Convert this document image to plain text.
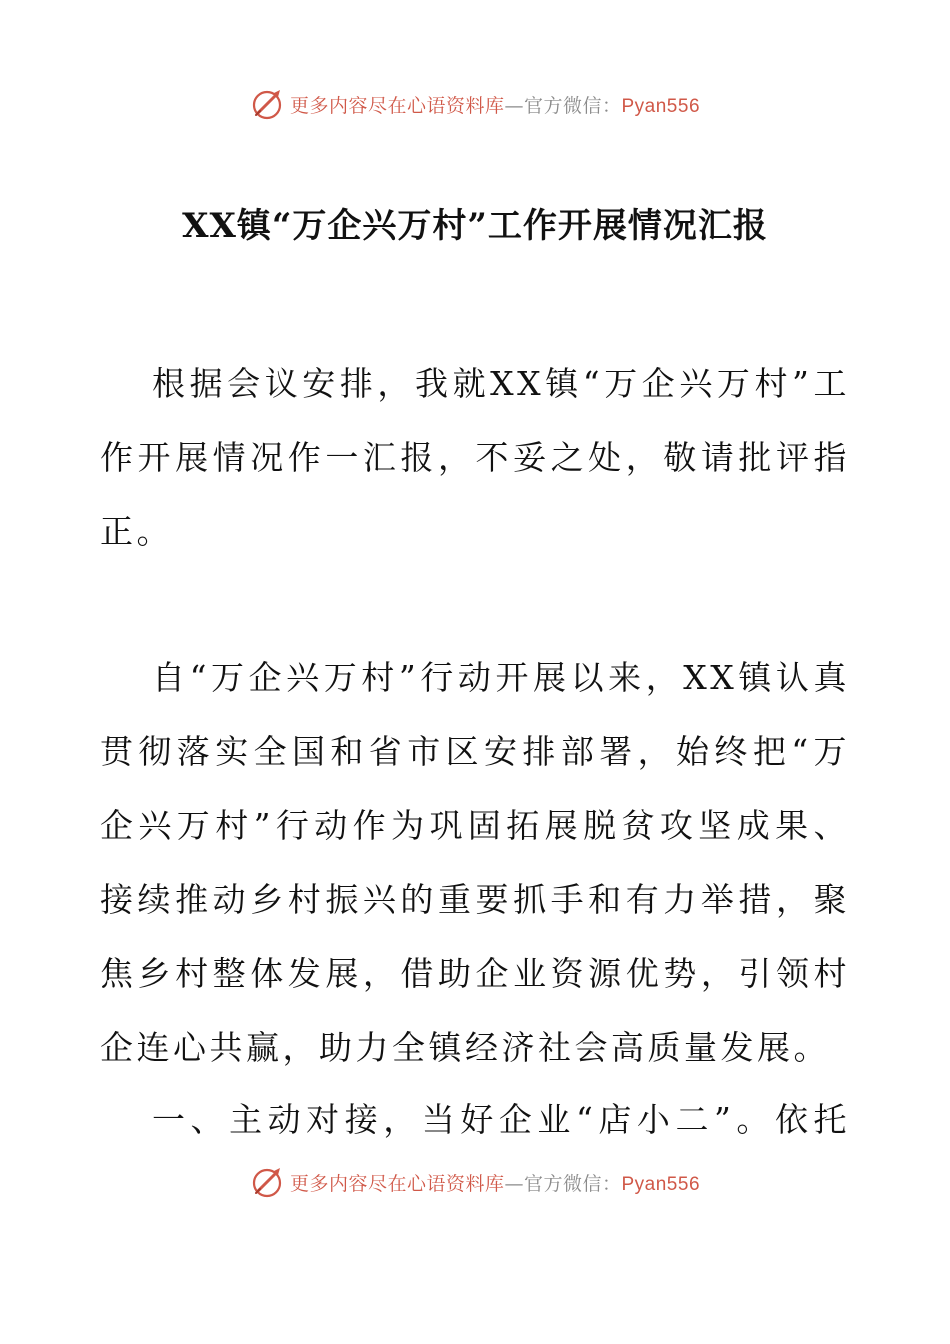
更多内容尽在心语资料库 — 官方微信： Pyan556
XX镇“万企兴万村”工作开展情况汇报

根据会议安排，我就XX镇“万企兴万村”工作开展情况作一汇报，不妥之处，敬请批评指正。

自“万企兴万村”行动开展以来，XX镇认真贯彻落实全国和省市区安排部署，始终把“万企兴万村”行动作为巩固拓展脱贫攻坚成果、接续推动乡村振兴的重要抓手和有力举措，聚焦乡村整体发展，借助企业资源优势，引领村企连心共赢，助力全镇经济社会高质量发展。

一、主动对接，当好企业“店小二”。依托

更多内容尽在心语资料库 — 官方微信： Pyan556
